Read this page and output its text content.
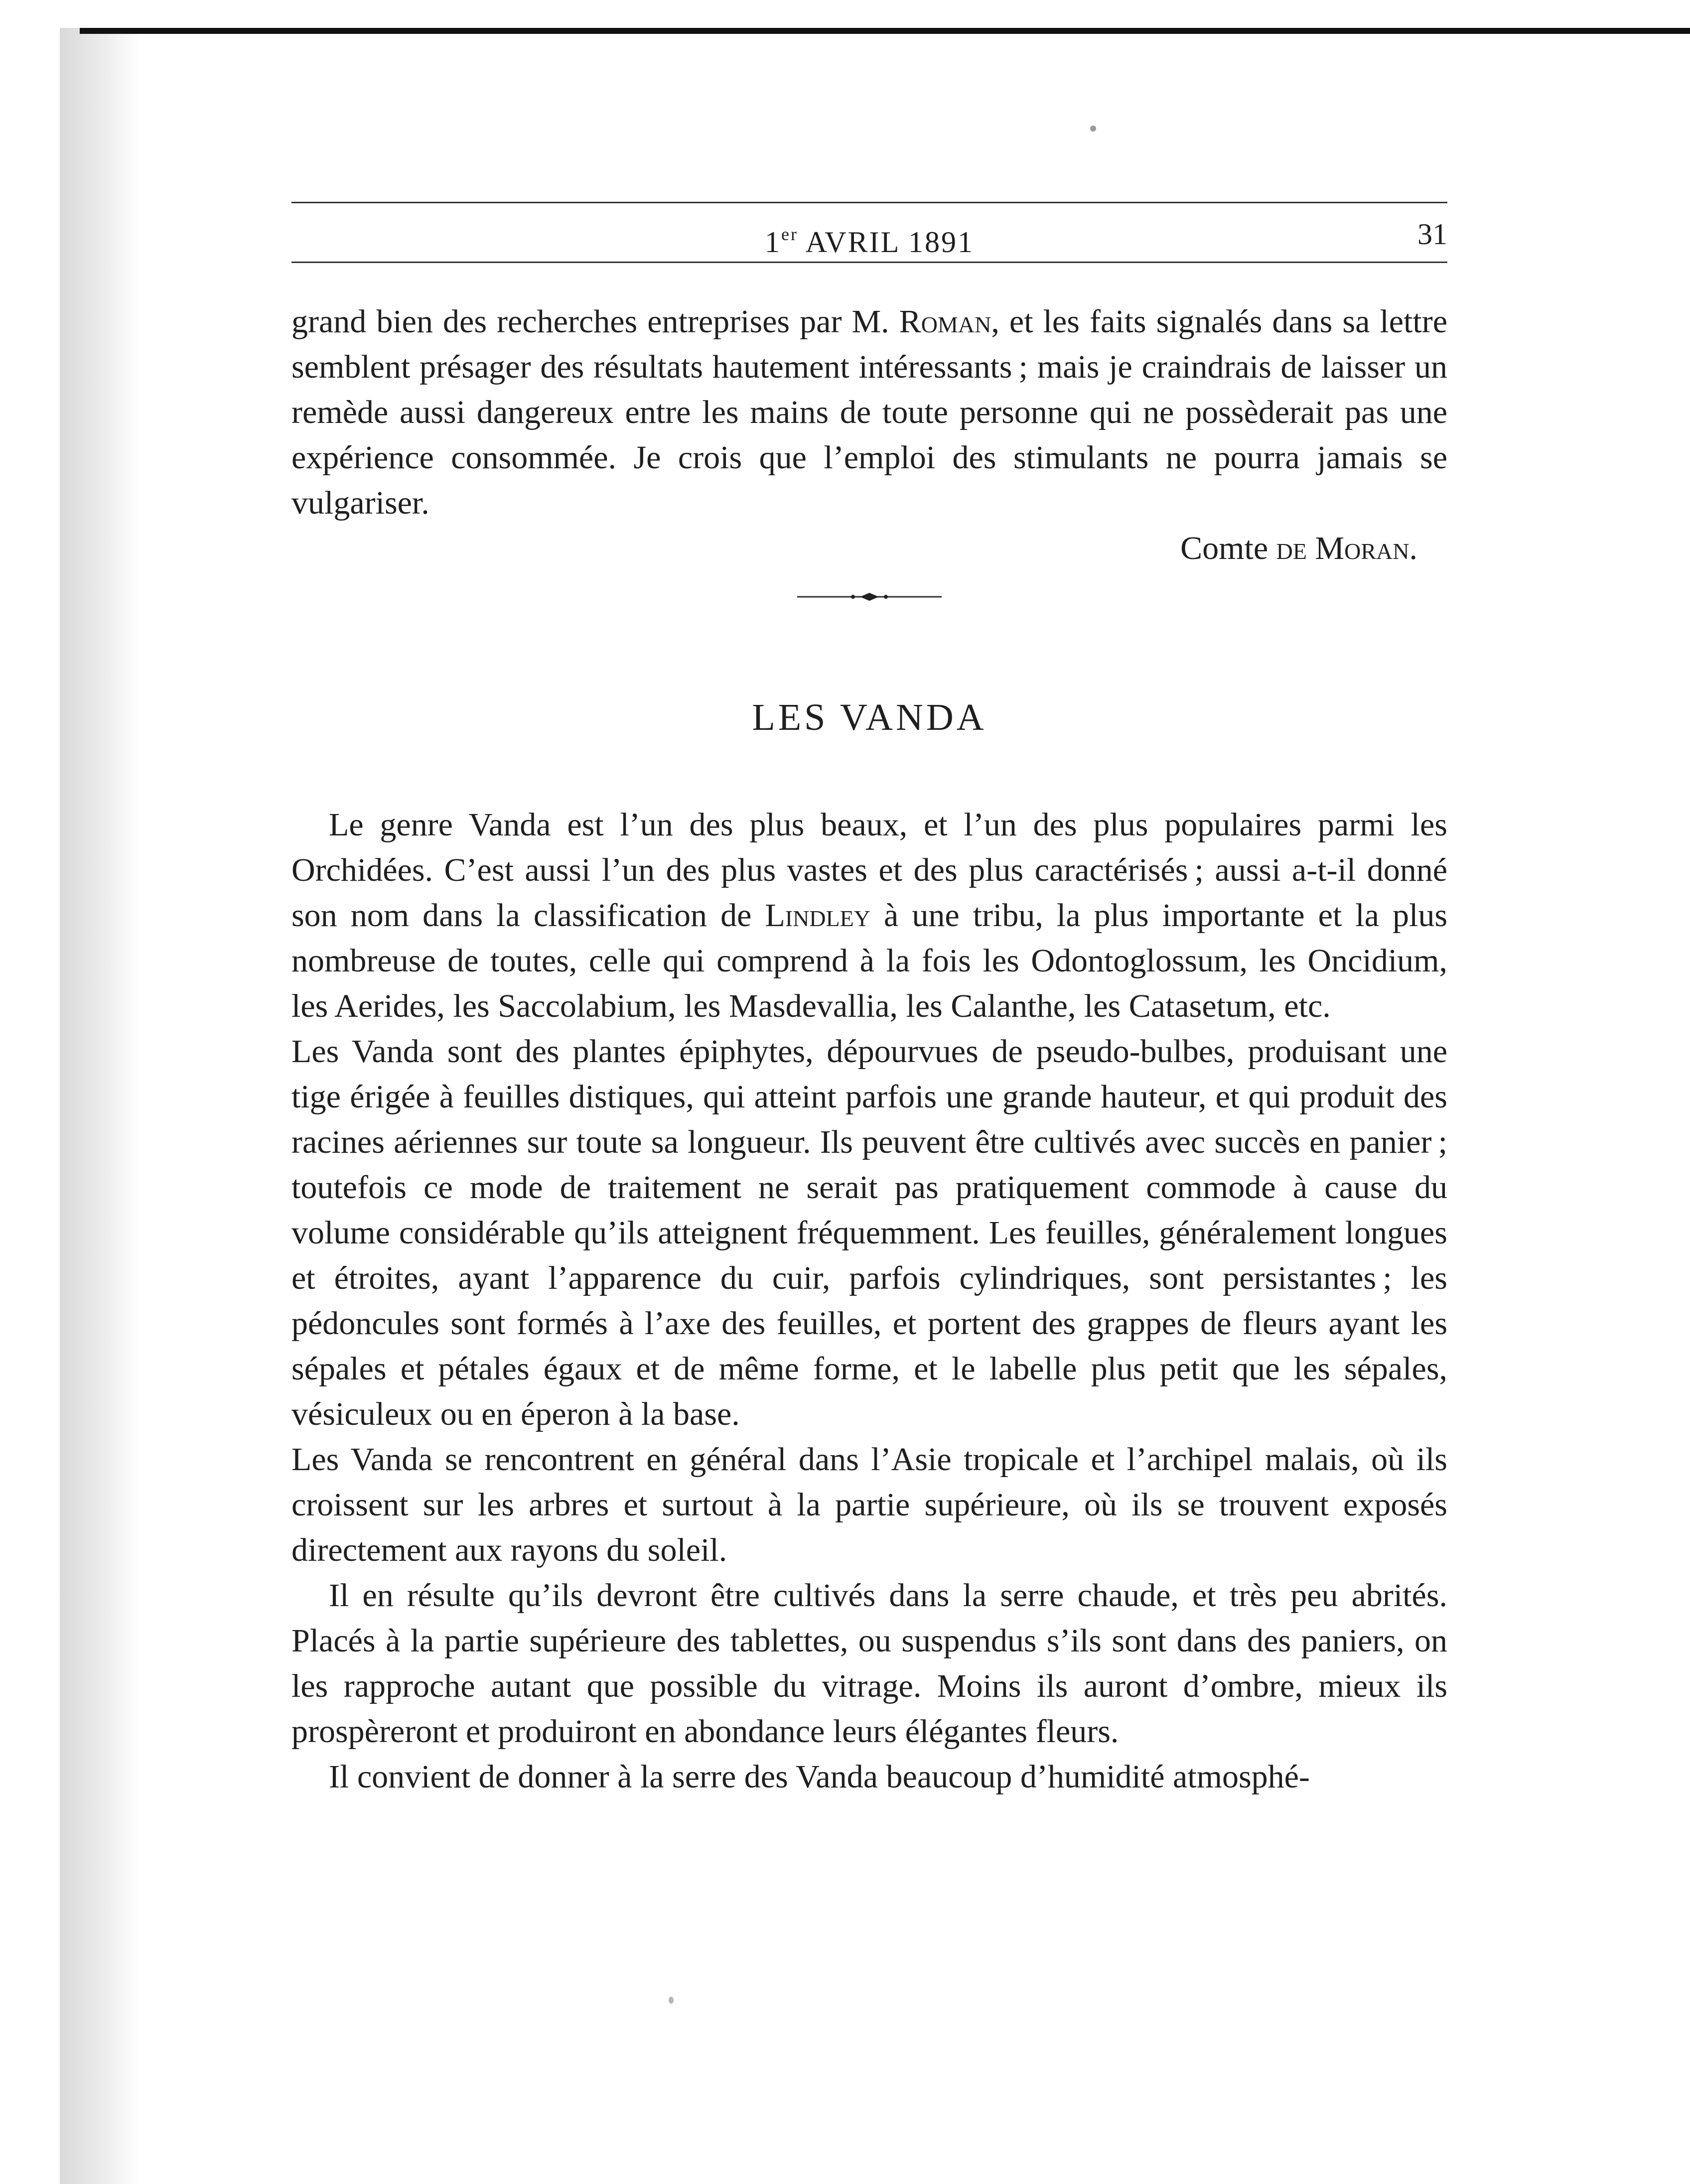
1er AVRIL 1891	31

grand bien des recherches entreprises par M. Roman, et les faits signalés dans sa lettre semblent présager des résultats hautement intéressants ; mais je craindrais de laisser un remède aussi dangereux entre les mains de toute personne qui ne possèderait pas une expérience consommée. Je crois que l’emploi des stimulants ne pourra jamais se vulgariser.

Comte de Moran.
LES VANDA

Le genre Vanda est l’un des plus beaux, et l’un des plus populaires parmi les Orchidées. C’est aussi l’un des plus vastes et des plus caractérisés ; aussi a-t-il donné son nom dans la classification de Lindley à une tribu, la plus importante et la plus nombreuse de toutes, celle qui comprend à la fois les Odontoglossum, les Oncidium, les Aerides, les Saccolabium, les Masdevallia, les Calanthe, les Catasetum, etc.

Les Vanda sont des plantes épiphytes, dépourvues de pseudo-bulbes, produisant une tige érigée à feuilles distiques, qui atteint parfois une grande hauteur, et qui produit des racines aériennes sur toute sa longueur. Ils peuvent être cultivés avec succès en panier ; toutefois ce mode de traitement ne serait pas pratiquement commode à cause du volume considérable qu’ils atteignent fréquemment. Les feuilles, généralement longues et étroites, ayant l’apparence du cuir, parfois cylindriques, sont persistantes ; les pédoncules sont formés à l’axe des feuilles, et portent des grappes de fleurs ayant les sépales et pétales égaux et de même forme, et le labelle plus petit que les sépales, vésiculeux ou en éperon à la base.

Les Vanda se rencontrent en général dans l’Asie tropicale et l’archipel malais, où ils croissent sur les arbres et surtout à la partie supérieure, où ils se trouvent exposés directement aux rayons du soleil.

Il en résulte qu’ils devront être cultivés dans la serre chaude, et très peu abrités. Placés à la partie supérieure des tablettes, ou suspendus s’ils sont dans des paniers, on les rapproche autant que possible du vitrage. Moins ils auront d’ombre, mieux ils prospèreront et produiront en abondance leurs élégantes fleurs.

Il convient de donner à la serre des Vanda beaucoup d’humidité atmosphé-
